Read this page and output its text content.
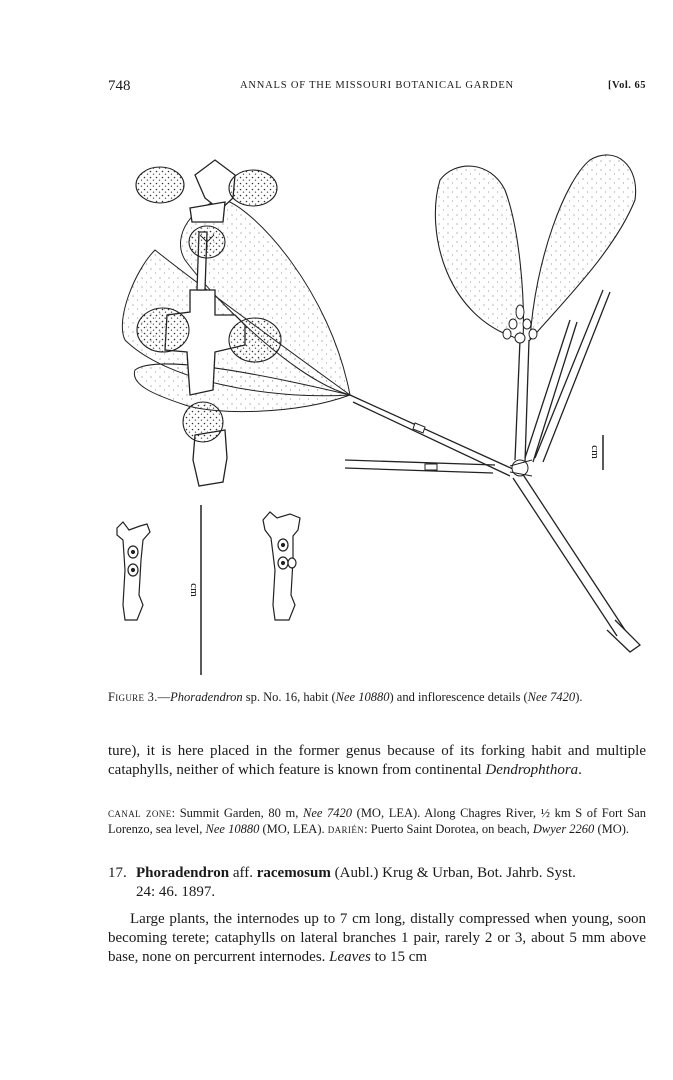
748	ANNALS OF THE MISSOURI BOTANICAL GARDEN	[Vol. 65
cm
cm
Figure 3.—Phoradendron sp. No. 16, habit (Nee 10880) and inflorescence details (Nee 7420).
ture), it is here placed in the former genus because of its forking habit and multiple cataphylls, neither of which feature is known from continental Dendrophthora.
canal zone: Summit Garden, 80 m, Nee 7420 (MO, LEA). Along Chagres River, ½ km S of Fort San Lorenzo, sea level, Nee 10880 (MO, LEA). darién: Puerto Saint Dorotea, on beach, Dwyer 2260 (MO).
17. Phoradendron aff. racemosum (Aubl.) Krug & Urban, Bot. Jahrb. Syst.
24: 46. 1897.
Large plants, the internodes up to 7 cm long, distally compressed when young, soon becoming terete; cataphylls on lateral branches 1 pair, rarely 2 or 3, about 5 mm above base, none on percurrent internodes. Leaves to 15 cm
